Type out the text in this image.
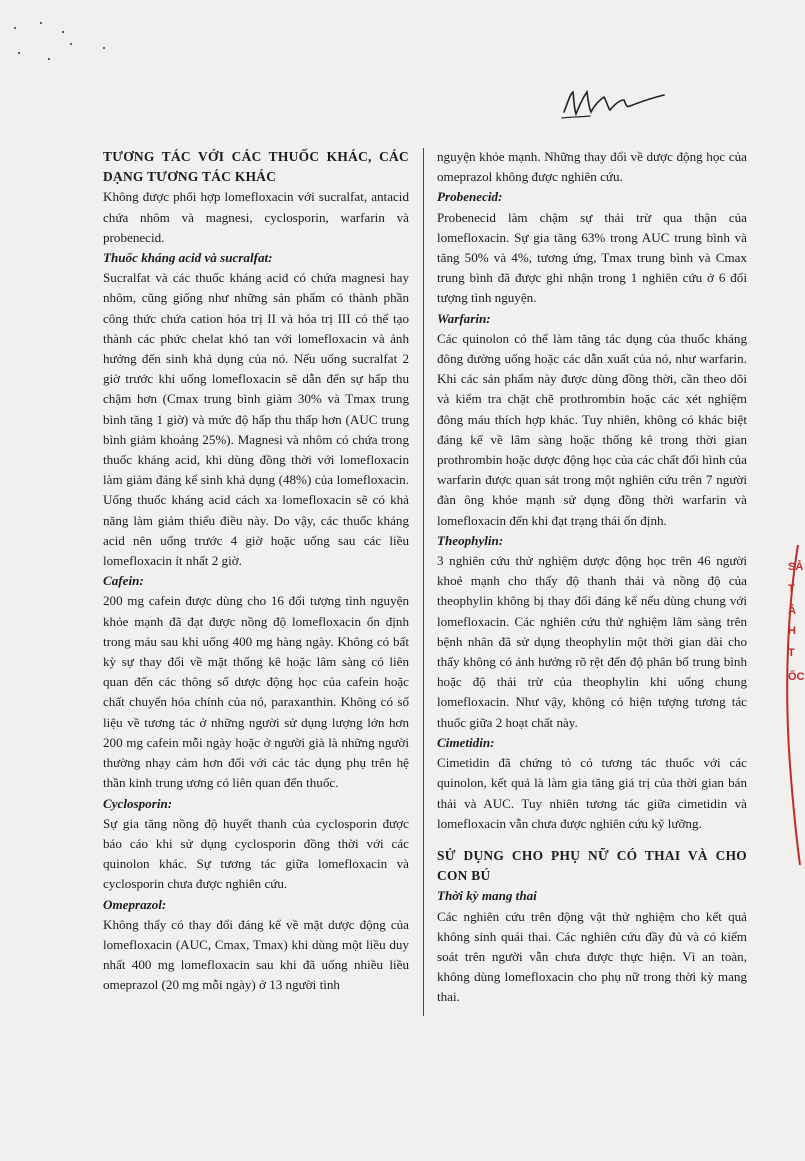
TƯƠNG TÁC VỚI CÁC THUỐC KHÁC, CÁC DẠNG TƯƠNG TÁC KHÁC

Không được phối hợp lomefloxacin với sucralfat, antacid chứa nhôm và magnesi, cyclosporin, warfarin và probenecid.

Thuốc kháng acid và sucralfat:

Sucralfat và các thuốc kháng acid có chứa magnesi hay nhôm, cũng giống như những sản phẩm có thành phần công thức chứa cation hóa trị II và hóa trị III có thể tạo thành các phức chelat khó tan với lomefloxacin và ảnh hưởng đến sinh khả dụng của nó. Nếu uống sucralfat 2 giờ trước khi uống lomefloxacin sẽ dẫn đến sự hấp thu chậm hơn (Cmax trung bình giảm 30% và Tmax trung bình tăng 1 giờ) và mức độ hấp thu thấp hơn (AUC trung bình giảm khoảng 25%). Magnesi và nhôm có chứa trong thuốc kháng acid, khi dùng đồng thời với lomefloxacin làm giảm đáng kể sinh khả dụng (48%) của lomefloxacin. Uống thuốc kháng acid cách xa lomefloxacin sẽ có khả năng làm giảm thiểu điều này. Do vậy, các thuốc kháng acid nên uống trước 4 giờ hoặc uống sau các liều lomefloxacin ít nhất 2 giờ.

Cafein:

200 mg cafein được dùng cho 16 đối tượng tình nguyện khỏe mạnh đã đạt được nồng độ lomefloxacin ổn định trong máu sau khi uống 400 mg hàng ngày. Không có bất kỳ sự thay đổi về mặt thống kê hoặc lâm sàng có liên quan đến các thông số dược động học của cafein hoặc chất chuyển hóa chính của nó, paraxanthin. Không có số liệu về tương tác ở những người sử dụng lượng lớn hơn 200 mg cafein mỗi ngày hoặc ở người già là những người thường nhạy cảm hơn đối với các tác dụng phụ trên hệ thần kinh trung ương có liên quan đến thuốc.

Cyclosporin:

Sự gia tăng nồng độ huyết thanh của cyclosporin được báo cáo khi sử dụng cyclosporin đồng thời với các quinolon khác. Sự tương tác giữa lomefloxacin và cyclosporin chưa được nghiên cứu.

Omeprazol:

Không thấy có thay đổi đáng kể về mặt dược động của lomefloxacin (AUC, Cmax, Tmax) khi dùng một liều duy nhất 400 mg lomefloxacin sau khi đã uống nhiều liều omeprazol (20 mg mỗi ngày) ở 13 người tình

nguyện khỏe mạnh. Những thay đổi về dược động học của omeprazol không được nghiên cứu.

Probenecid:

Probenecid làm chậm sự thải trừ qua thận của lomefloxacin. Sự gia tăng 63% trong AUC trung bình và tăng 50% và 4%, tương ứng, Tmax trung bình và Cmax trung bình đã được ghi nhận trong 1 nghiên cứu ở 6 đối tượng tình nguyện.

Warfarin:

Các quinolon có thể làm tăng tác dụng của thuốc kháng đông đường uống hoặc các dẫn xuất của nó, như warfarin. Khi các sản phẩm này được dùng đồng thời, cần theo dõi và kiểm tra chặt chẽ prothrombin hoặc các xét nghiệm đông máu thích hợp khác. Tuy nhiên, không có khác biệt đáng kể về lâm sàng hoặc thống kê trong thời gian prothrombin hoặc dược động học của các chất đối hình của warfarin được quan sát trong một nghiên cứu trên 7 người đàn ông khỏe mạnh sử dụng đồng thời warfarin và lomefloxacin đến khi đạt trạng thái ổn định.

Theophylin:

3 nghiên cứu thử nghiệm dược động học trên 46 người khoẻ mạnh cho thấy độ thanh thải và nồng độ của theophylin không bị thay đổi đáng kể nếu dùng chung với lomefloxacin. Các nghiên cứu thử nghiệm lâm sàng trên bệnh nhân đã sử dụng theophylin một thời gian dài cho thấy không có ảnh hưởng rõ rệt đến độ phân bố trung bình hoặc độ thải trừ của theophylin khi uống chung lomefloxacin. Như vậy, không có hiện tượng tương tác thuốc giữa 2 hoạt chất này.

Cimetidin:

Cimetidin đã chứng tỏ có tương tác thuốc với các quinolon, kết quả là làm gia tăng giá trị của thời gian bán thải và AUC. Tuy nhiên tương tác giữa cimetidin và lomefloxacin vẫn chưa được nghiên cứu kỹ lưỡng.

SỬ DỤNG CHO PHỤ NỮ CÓ THAI VÀ CHO CON BÚ

Thời kỳ mang thai

Các nghiên cứu trên động vật thử nghiệm cho kết quả không sinh quái thai. Các nghiên cứu đầy đủ và có kiểm soát trên người vẫn chưa được thực hiện. Vì an toàn, không dùng lomefloxacin cho phụ nữ trong thời kỳ mang thai.

SẢ
T
Â
H
T
ỐC
